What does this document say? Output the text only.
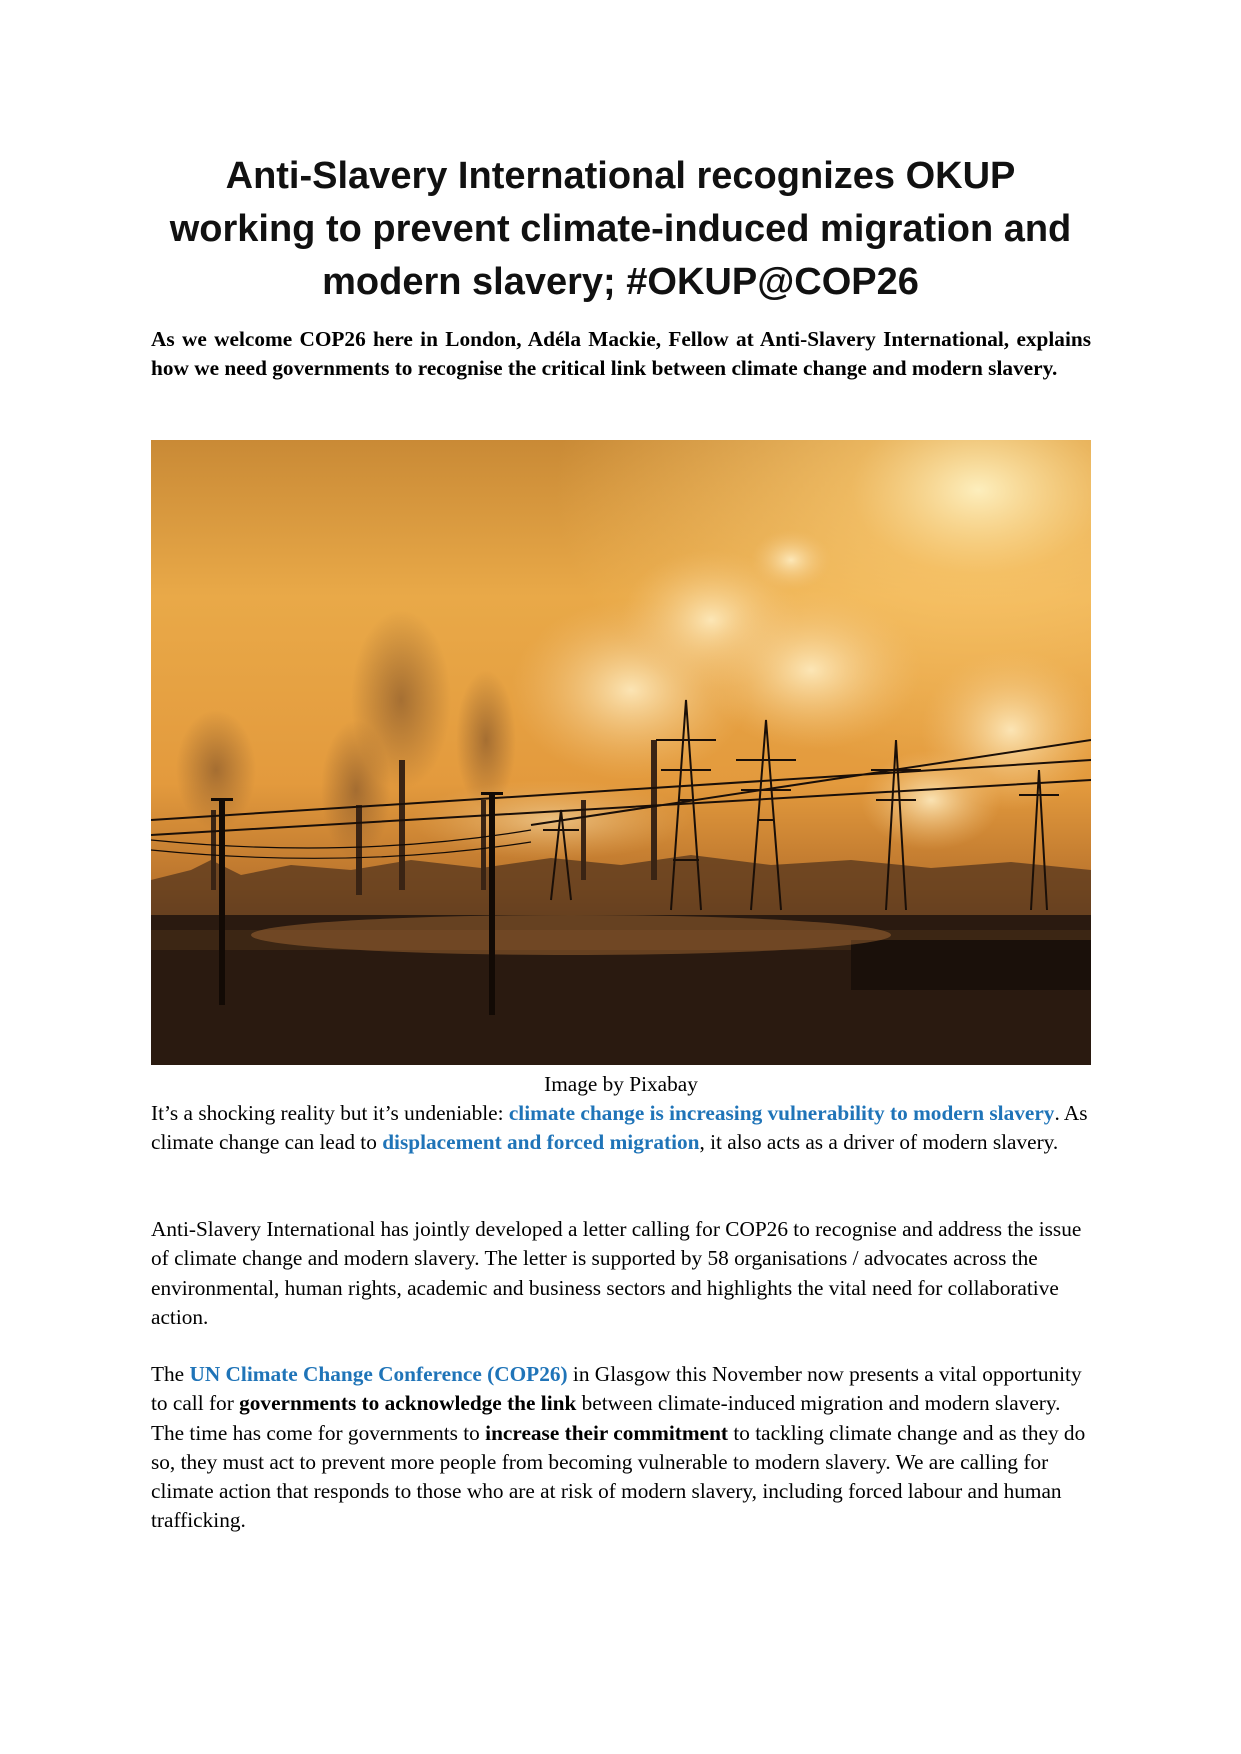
Anti-Slavery International recognizes OKUP working to prevent climate-induced migration and modern slavery; #OKUP@COP26

As we welcome COP26 here in London, Adéla Mackie, Fellow at Anti-Slavery International, explains how we need governments to recognise the critical link between climate change and modern slavery.

Image by Pixabay

It’s a shocking reality but it’s undeniable: climate change is increasing vulnerability to modern slavery. As climate change can lead to displacement and forced migration, it also acts as a driver of modern slavery.

Anti-Slavery International has jointly developed a letter calling for COP26 to recognise and address the issue of climate change and modern slavery. The letter is supported by 58 organisations / advocates across the environmental, human rights, academic and business sectors and highlights the vital need for collaborative action.

The UN Climate Change Conference (COP26) in Glasgow this November now presents a vital opportunity to call for governments to acknowledge the link between climate-induced migration and modern slavery. The time has come for governments to increase their commitment to tackling climate change and as they do so, they must act to prevent more people from becoming vulnerable to modern slavery. We are calling for climate action that responds to those who are at risk of modern slavery, including forced labour and human trafficking.
